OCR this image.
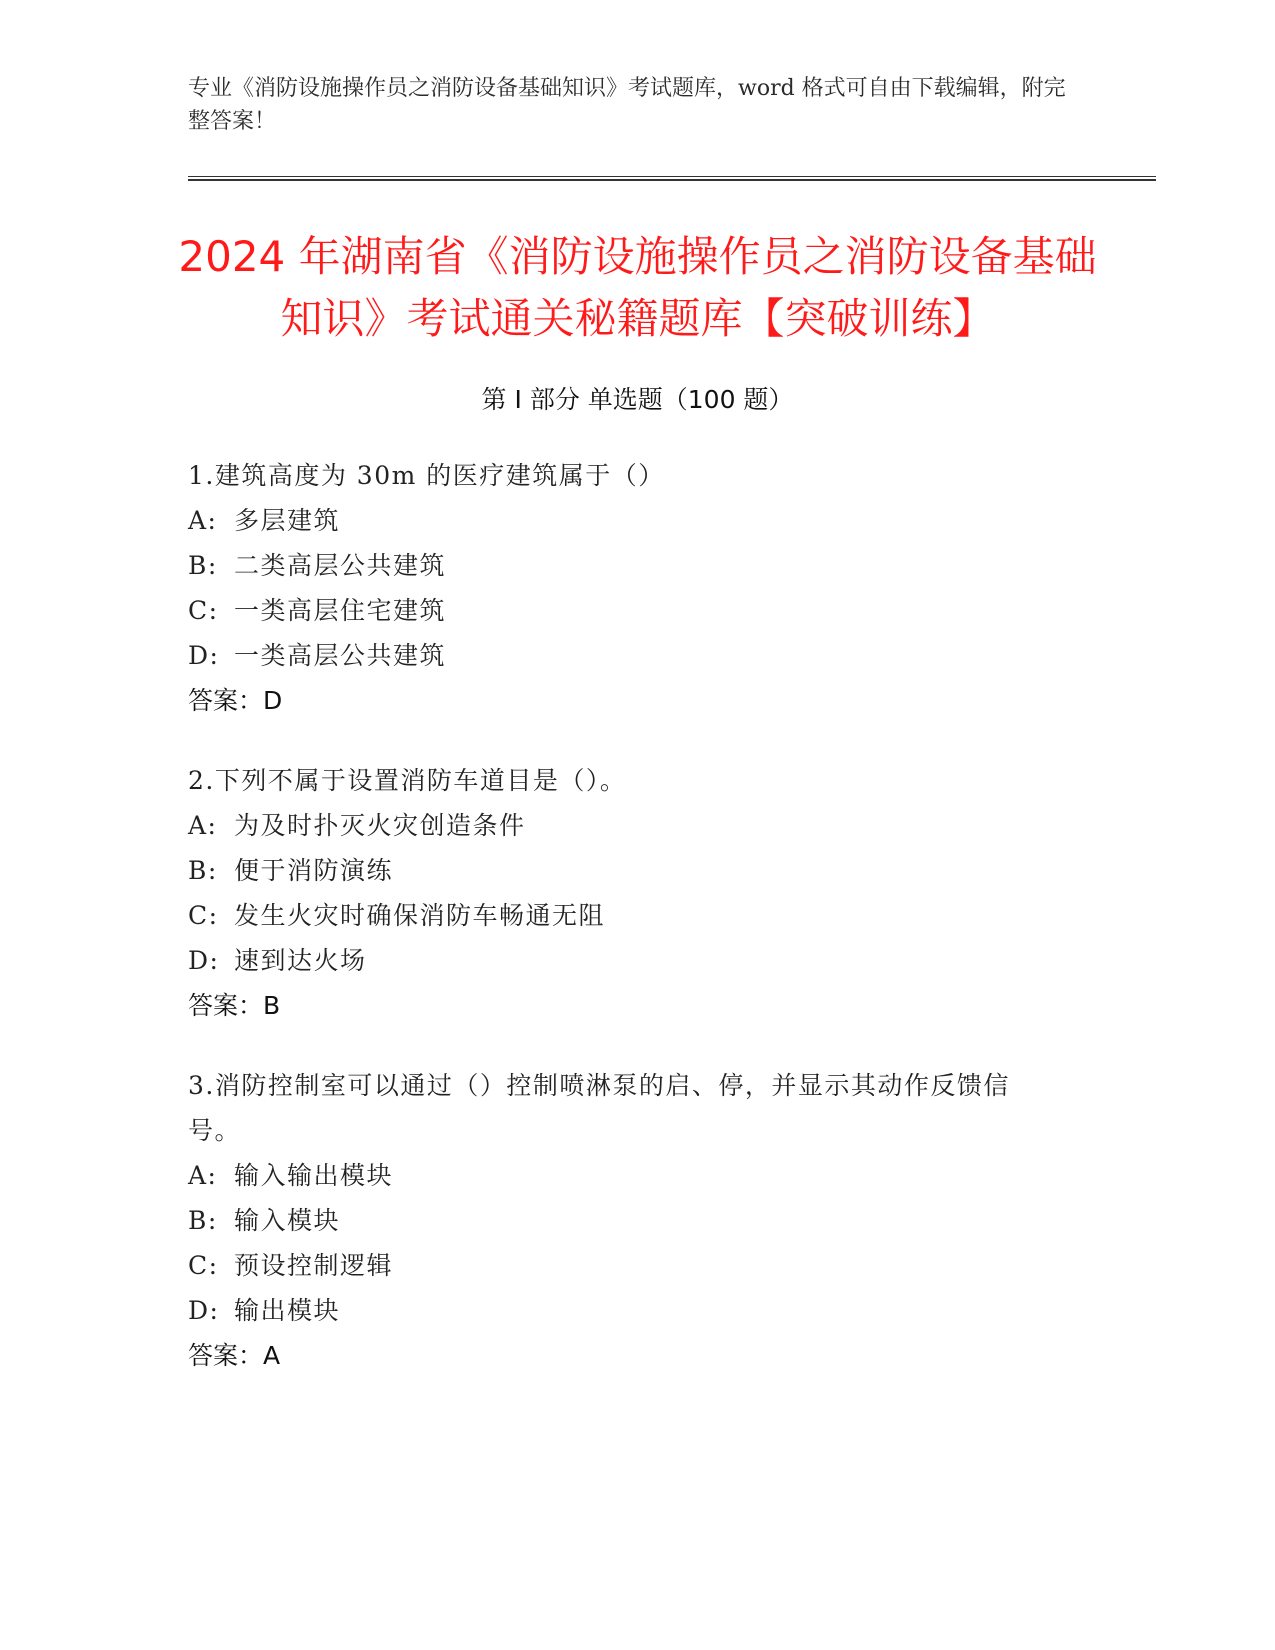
专业《消防设施操作员之消防设备基础知识》考试题库，word 格式可自由下载编辑，附完整答案！
2024 年湖南省《消防设施操作员之消防设备基础知识》考试通关秘籍题库【突破训练】
第 I 部分 单选题（100 题）
1.建筑高度为 30m 的医疗建筑属于（）
A: 多层建筑
B: 二类高层公共建筑
C: 一类高层住宅建筑
D: 一类高层公共建筑
答案：D
2.下列不属于设置消防车道目是（）。
A: 为及时扑灭火灾创造条件
B: 便于消防演练
C: 发生火灾时确保消防车畅通无阻
D: 速到达火场
答案：B
3.消防控制室可以通过（）控制喷淋泵的启、停，并显示其动作反馈信号。
A: 输入输出模块
B: 输入模块
C: 预设控制逻辑
D: 输出模块
答案：A
